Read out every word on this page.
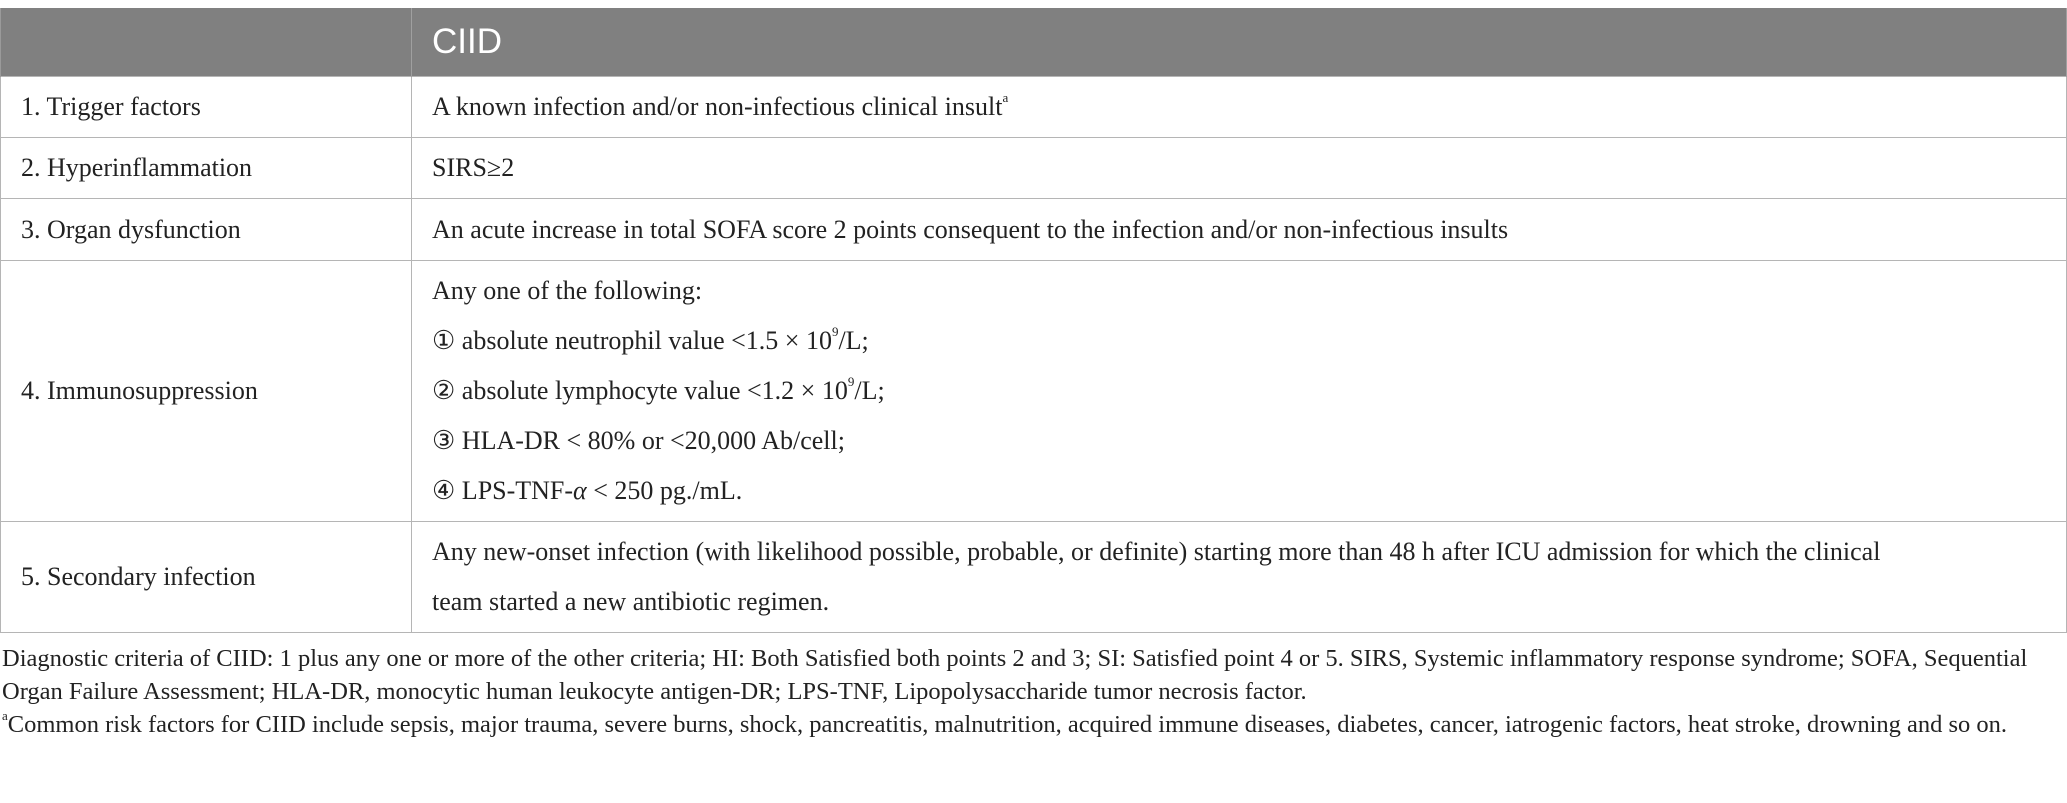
	CIID
1. Trigger factors	A known infection and/or non-infectious clinical insult$^a$
2. Hyperinflammation	SIRS≥2
3. Organ dysfunction	An acute increase in total SOFA score 2 points consequent to the infection and/or non-infectious insults
4. Immunosuppression	Any one of the following:
① absolute neutrophil value $<1.5 \times 10^9/L$;
② absolute lymphocyte value $<1.2 \times 10^9/L$;
③ HLA-DR < 80% or <20,000 Ab/cell;
④ LPS-TNF-α < 250 pg./mL.

5. Secondary infection	Any new-onset infection (with likelihood possible, probable, or definite) starting more than 48 h after ICU admission for which the clinical
team started a new antibiotic regimen.

Diagnostic criteria of CIID: 1 plus any one or more of the other criteria; HI: Both Satisfied both points 2 and 3; SI: Satisfied point 4 or 5. SIRS, Systemic inflammatory response syndrome; SOFA, Sequential Organ Failure Assessment; HLA-DR, monocytic human leukocyte antigen-DR; LPS-TNF, Lipopolysaccharide tumor necrosis factor.

$^a$Common risk factors for CIID include sepsis, major trauma, severe burns, shock, pancreatitis, malnutrition, acquired immune diseases, diabetes, cancer, iatrogenic factors, heat stroke, drowning and so on.
